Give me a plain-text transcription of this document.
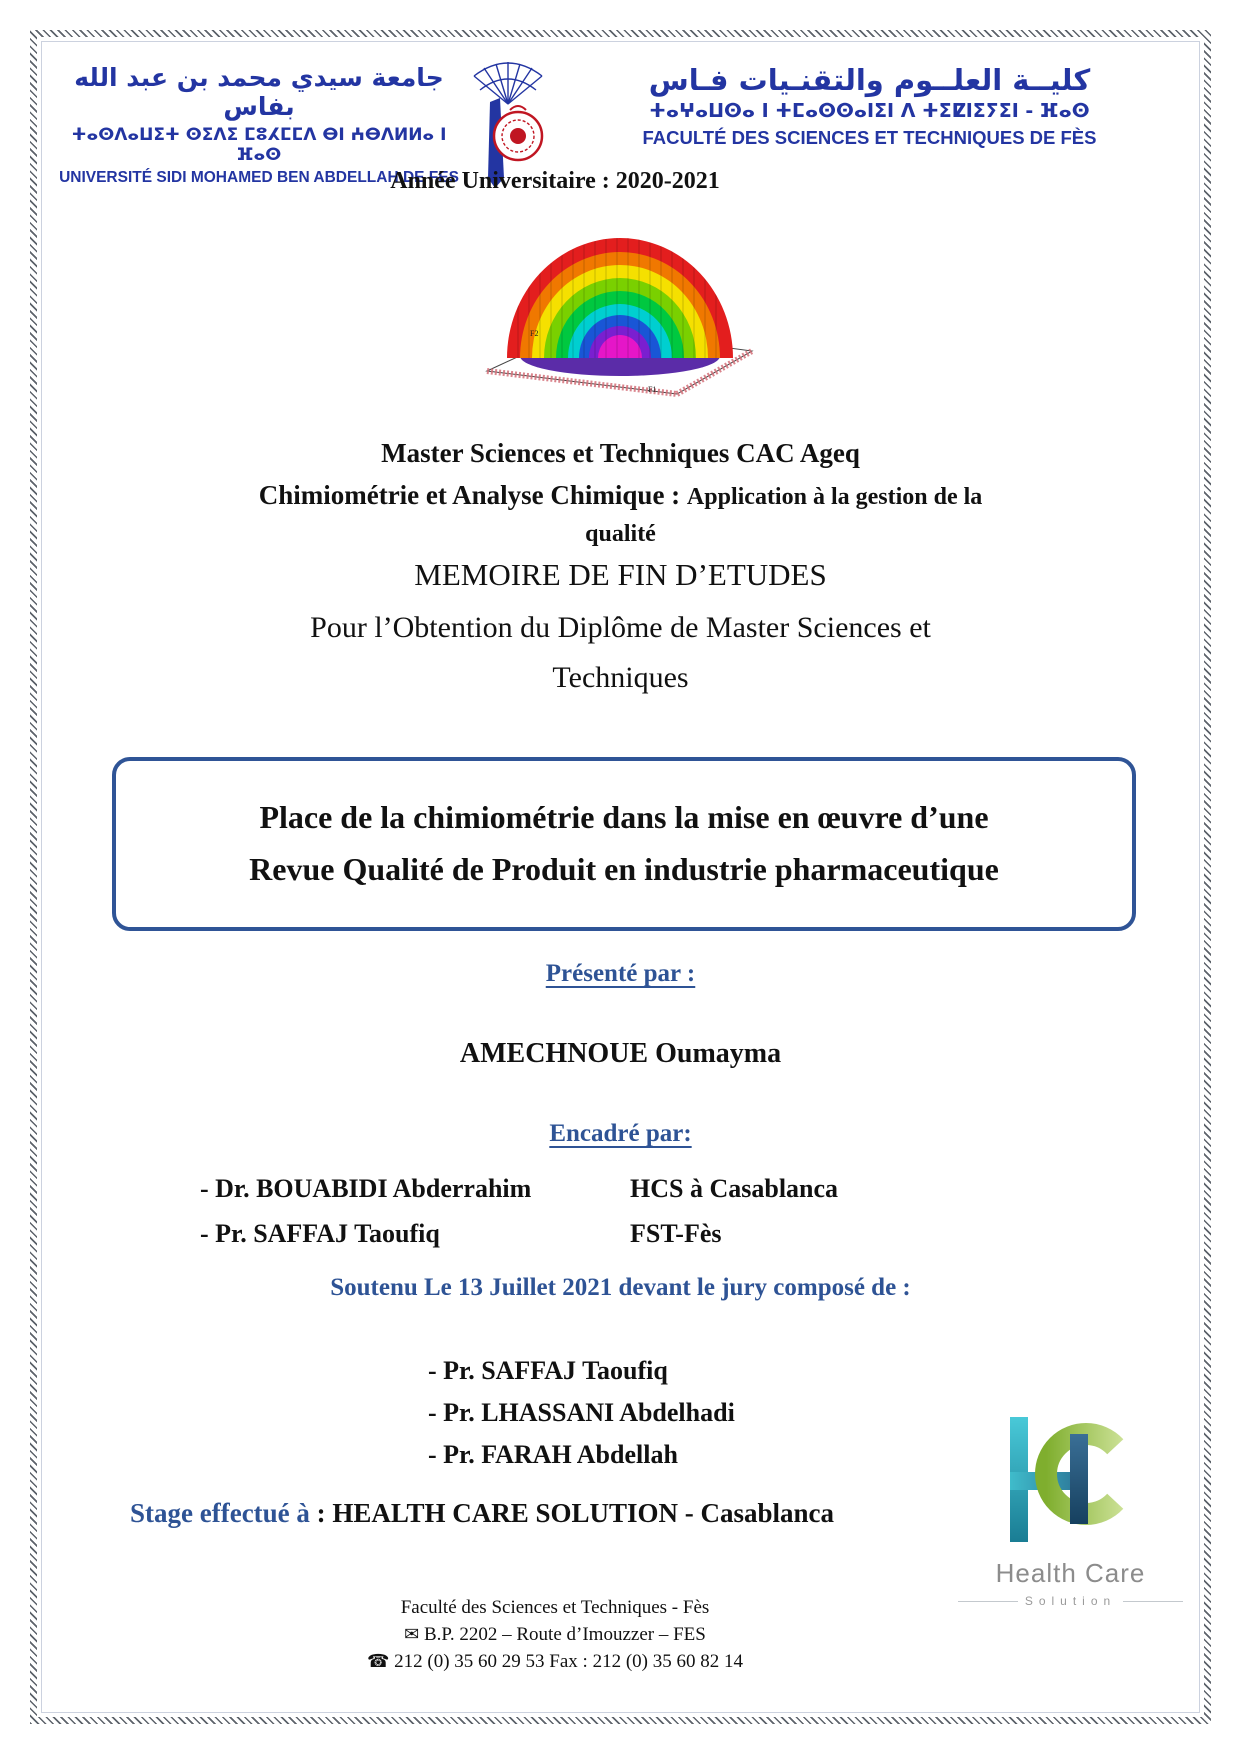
جامعة سيدي محمد بن عبد الله بفاس
ⵜⴰⵙⴷⴰⵡⵉⵜ ⵙⵉⴷⵉ ⵎⵓⵃⵎⵎⴷ ⴱⵏ ⵄⴱⴷⵍⵍⴰ ⵏ ⴼⴰⵙ
UNIVERSITÉ SIDI MOHAMED BEN ABDELLAH DE FES
كليــة العلــوم والتقنـيات فـاس
ⵜⴰⵖⴰⵡⵙⴰ ⵏ ⵜⵎⴰⵙⵙⴰⵏⵉⵏ ⴷ ⵜⵉⵇⵏⵉⵢⵉⵏ - ⴼⴰⵙ
FACULTÉ DES SCIENCES ET TECHNIQUES DE FÈS
Année Universitaire : 2020-2021
F2
F1
Master Sciences et Techniques CAC Ageq
Chimiométrie et Analyse Chimique : Application à la gestion de la
qualité
MEMOIRE DE FIN D’ETUDES
Pour l’Obtention du Diplôme de Master Sciences et
Techniques
Place de la chimiométrie dans la mise en œuvre d’une
Revue Qualité de Produit en industrie pharmaceutique
Présenté par :
AMECHNOUE Oumayma
Encadré par:
- Dr. BOUABIDI Abderrahim	HCS à Casablanca
- Pr. SAFFAJ Taoufiq	FST-Fès
Soutenu Le 13 Juillet 2021 devant le jury composé de :
- Pr. SAFFAJ Taoufiq
- Pr. LHASSANI Abdelhadi
- Pr. FARAH Abdellah
Stage effectué à : HEALTH CARE SOLUTION - Casablanca
Health Care
Solution
Faculté des Sciences et Techniques - Fès
✉ B.P. 2202 – Route d’Imouzzer – FES
☎ 212 (0) 35 60 29 53 Fax : 212 (0) 35 60 82 14
